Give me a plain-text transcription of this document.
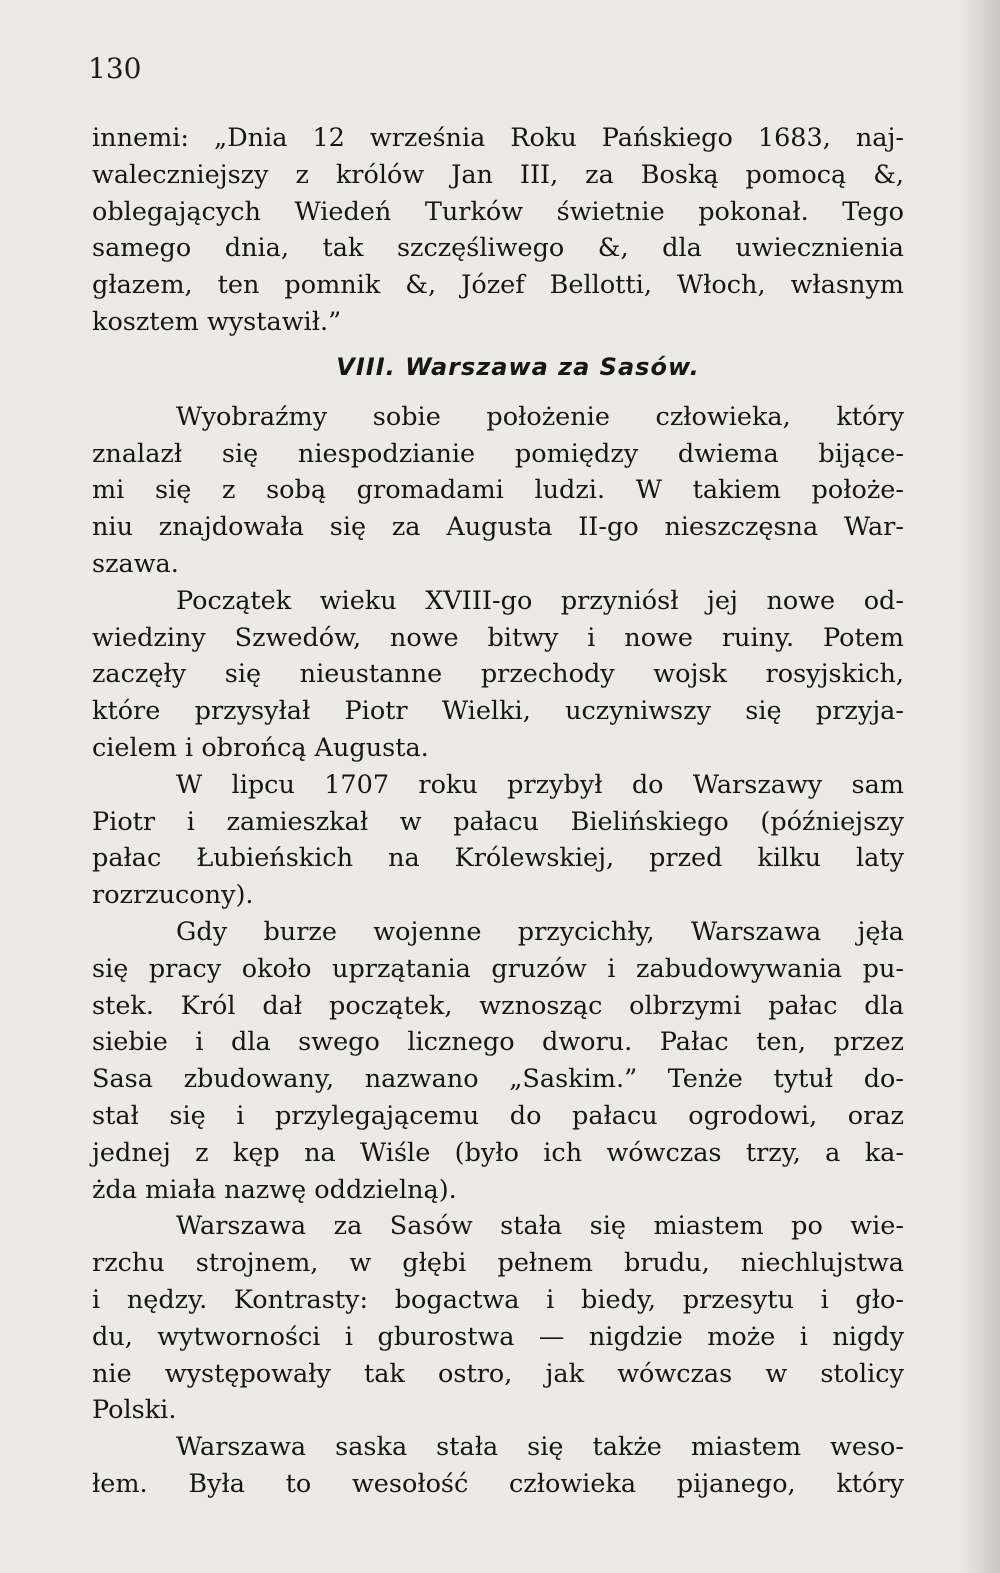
130
innemi: „Dnia 12 września Roku Pańskiego 1683, naj-
waleczniejszy z królów Jan III, za Boską pomocą &,
oblegających Wiedeń Turków świetnie pokonał. Tego
samego dnia, tak szczęśliwego &, dla uwiecznienia
głazem, ten pomnik &, Józef Bellotti, Włoch, własnym
kosztem wystawił.”
VIII. Warszawa za Sasów.
Wyobraźmy sobie położenie człowieka, który
znalazł się niespodzianie pomiędzy dwiema bijące-
mi się z sobą gromadami ludzi. W takiem położe-
niu znajdowała się za Augusta II-go nieszczęsna War-
szawa.
Początek wieku XVIII-go przyniósł jej nowe od-
wiedziny Szwedów, nowe bitwy i nowe ruiny. Potem
zaczęły się nieustanne przechody wojsk rosyjskich,
które przysyłał Piotr Wielki, uczyniwszy się przyja-
cielem i obrońcą Augusta.
W lipcu 1707 roku przybył do Warszawy sam
Piotr i zamieszkał w pałacu Bielińskiego (późniejszy
pałac Łubieńskich na Królewskiej, przed kilku laty
rozrzucony).
Gdy burze wojenne przycichły, Warszawa jęła
się pracy około uprzątania gruzów i zabudowywania pu-
stek. Król dał początek, wznosząc olbrzymi pałac dla
siebie i dla swego licznego dworu. Pałac ten, przez
Sasa zbudowany, nazwano „Saskim.” Tenże tytuł do-
stał się i przylegającemu do pałacu ogrodowi, oraz
jednej z kęp na Wiśle (było ich wówczas trzy, a ka-
żda miała nazwę oddzielną).
Warszawa za Sasów stała się miastem po wie-
rzchu strojnem, w głębi pełnem brudu, niechlujstwa
i nędzy. Kontrasty: bogactwa i biedy, przesytu i gło-
du, wytworności i gburostwa — nigdzie może i nigdy
nie występowały tak ostro, jak wówczas w stolicy
Polski.
Warszawa saska stała się także miastem weso-
łem. Była to wesołość człowieka pijanego, który
